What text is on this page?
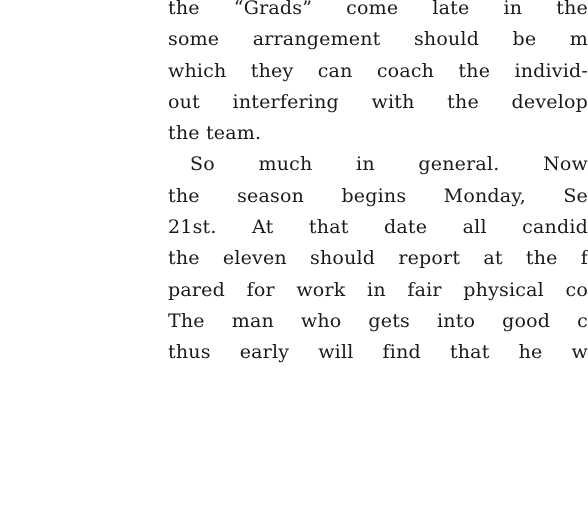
the “Grads” come late in the
some arrangement should be m
which they can coach the individ-
out interfering with the develop
the team.
So much in general. Now
the season begins Monday, Se
21st. At that date all candid
the eleven should report at the f
pared for work in fair physical co
The man who gets into good c
thus early will find that he w
